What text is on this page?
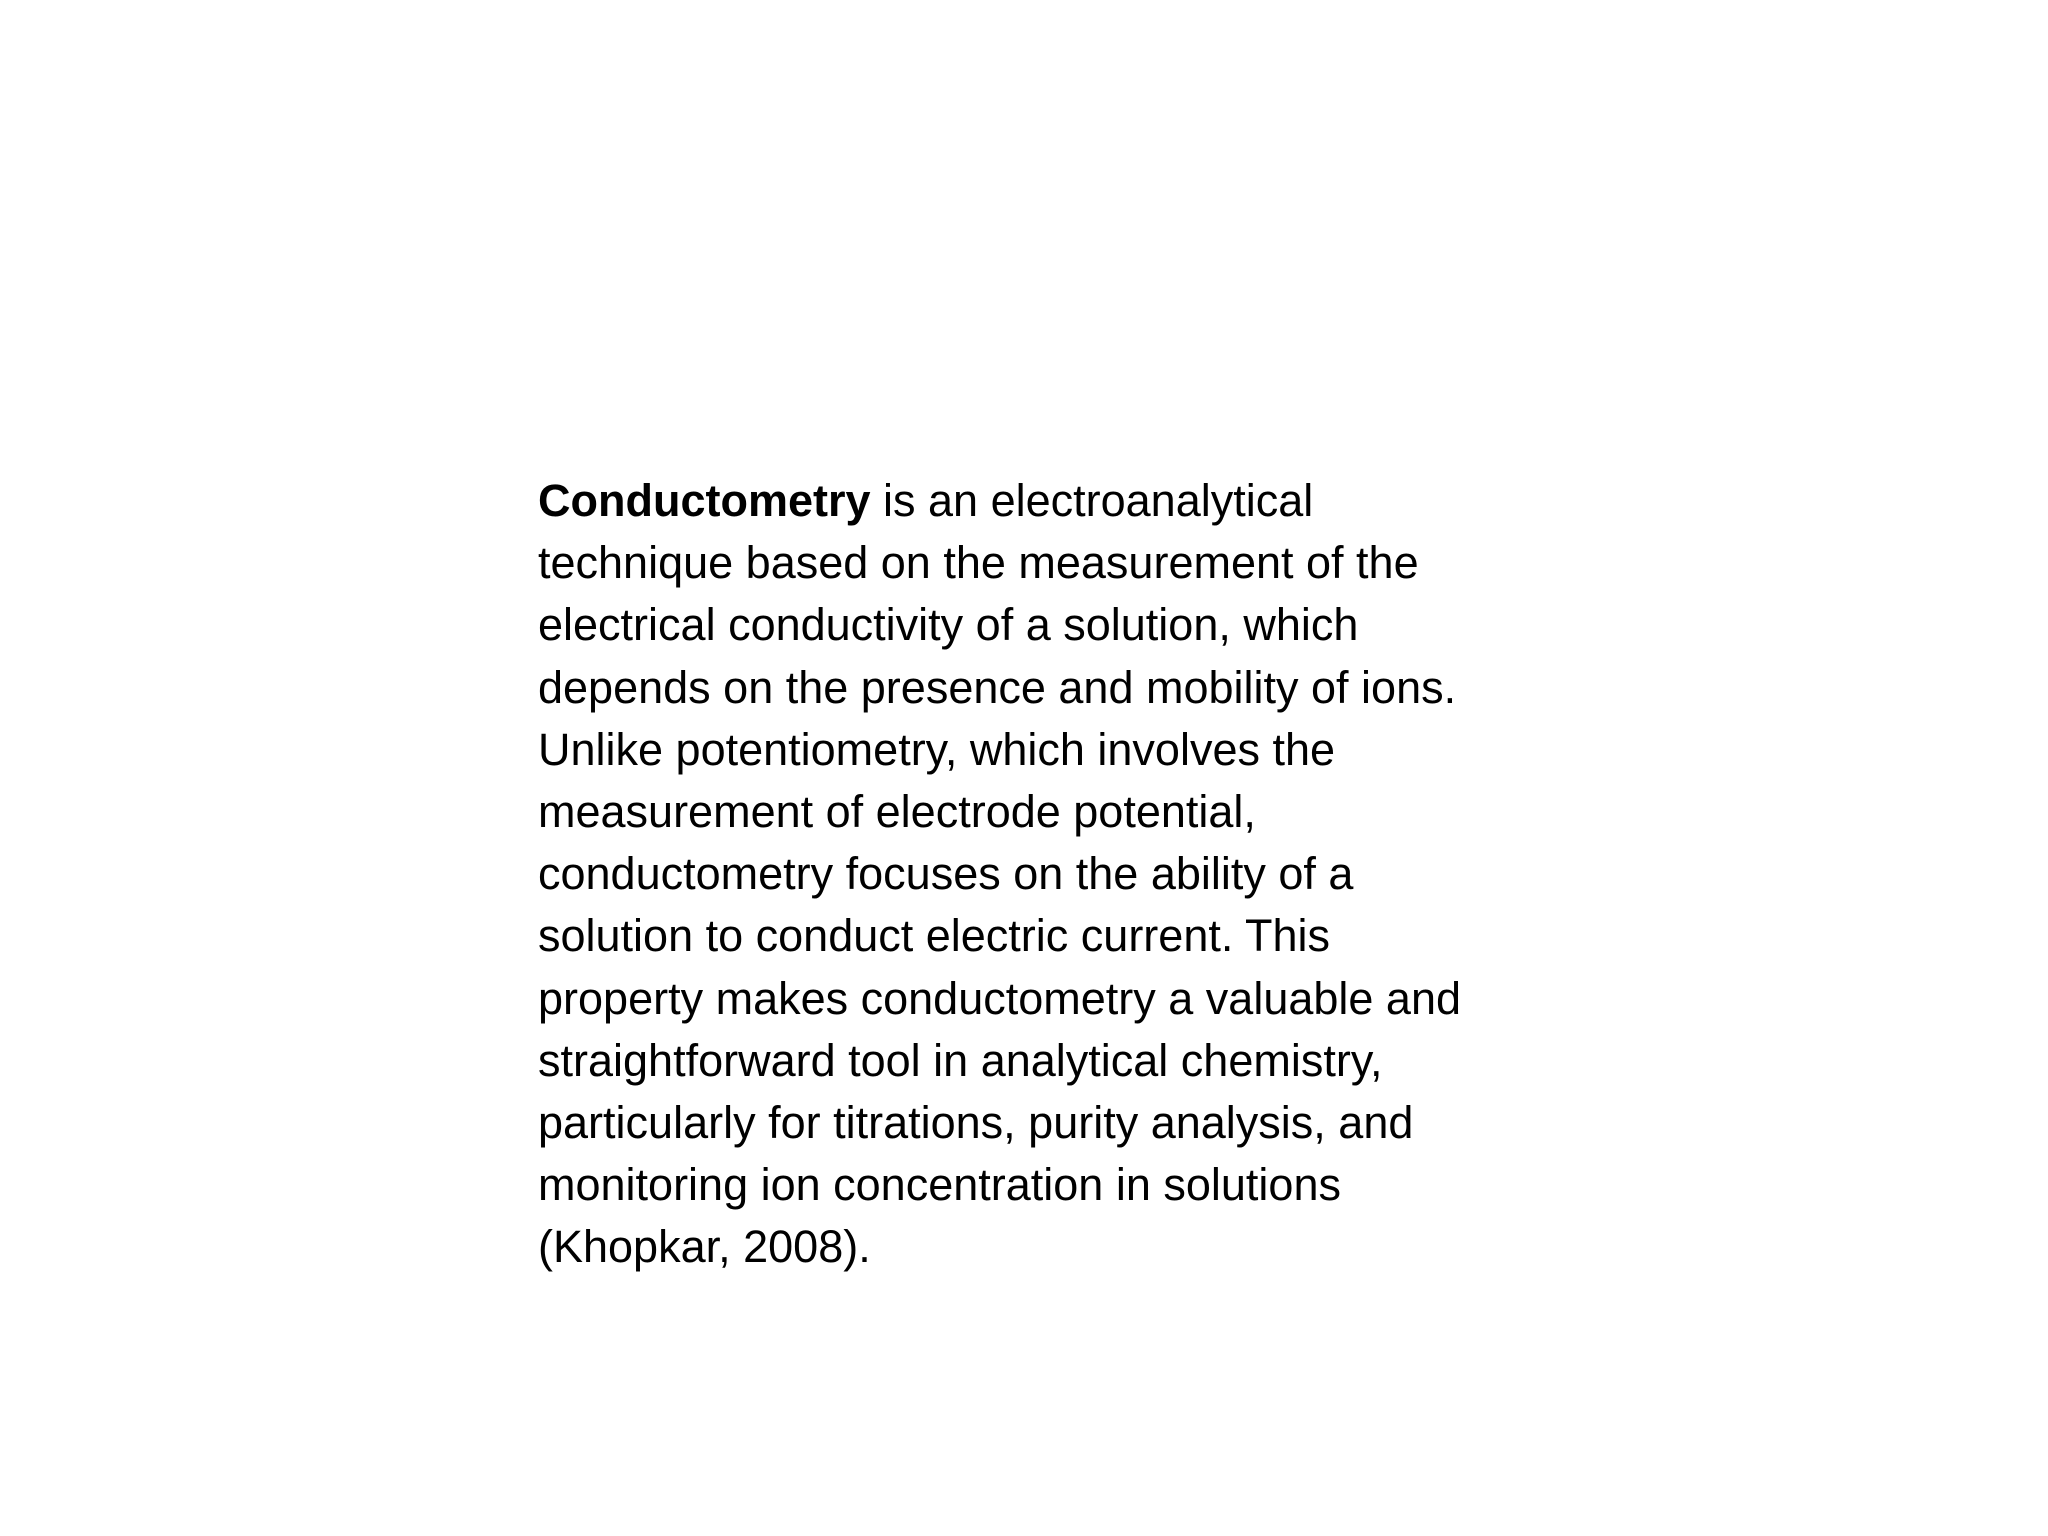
Conductometry is an electroanalytical
technique based on the measurement of the
electrical conductivity of a solution, which
depends on the presence and mobility of ions.
Unlike potentiometry, which involves the
measurement of electrode potential,
conductometry focuses on the ability of a
solution to conduct electric current. This
property makes conductometry a valuable and
straightforward tool in analytical chemistry,
particularly for titrations, purity analysis, and
monitoring ion concentration in solutions
(Khopkar, 2008).
